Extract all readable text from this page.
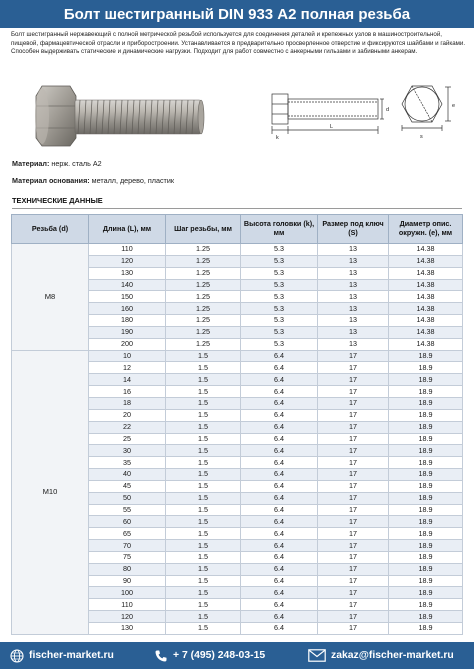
Болт шестигранный DIN 933 А2 полная резьба

Болт шестигранный нержавеющий с полной метрической резьбой используется для соединения деталей и крепежных узлов в машиностроительной, пищевой, фармацевтической отрасли и приборостроении. Устанавливается в предварительно просверленное отверстие и фиксируются шайбами и гайками. Способен выдерживать статические и динамические нагрузки. Подходит для работ совместно с анкерными гильзами и забивными анкерам.

k
L
d
s
e
Материал: нерж. сталь А2
Материал основания: металл, дерево, пластик
ТЕХНИЧЕСКИЕ ДАННЫЕ
Резьба (d)	Длина (L), мм	Шаг резьбы, мм	Высота головки (k), мм	Размер под ключ (S)	Диаметр опис. окружн. (е), мм
M8	110	1.25	5.3	13	14.38
	120	1.25	5.3	13	14.38
	130	1.25	5.3	13	14.38
	140	1.25	5.3	13	14.38
	150	1.25	5.3	13	14.38
	160	1.25	5.3	13	14.38
	180	1.25	5.3	13	14.38
	190	1.25	5.3	13	14.38
	200	1.25	5.3	13	14.38
M10	10	1.5	6.4	17	18.9
	12	1.5	6.4	17	18.9
	14	1.5	6.4	17	18.9
	16	1.5	6.4	17	18.9
	18	1.5	6.4	17	18.9
	20	1.5	6.4	17	18.9
	22	1.5	6.4	17	18.9
	25	1.5	6.4	17	18.9
	30	1.5	6.4	17	18.9
	35	1.5	6.4	17	18.9
	40	1.5	6.4	17	18.9
	45	1.5	6.4	17	18.9
	50	1.5	6.4	17	18.9
	55	1.5	6.4	17	18.9
	60	1.5	6.4	17	18.9
	65	1.5	6.4	17	18.9
	70	1.5	6.4	17	18.9
	75	1.5	6.4	17	18.9
	80	1.5	6.4	17	18.9
	90	1.5	6.4	17	18.9
	100	1.5	6.4	17	18.9
	110	1.5	6.4	17	18.9
	120	1.5	6.4	17	18.9
	130	1.5	6.4	17	18.9
fischer-market.ru	+ 7 (495) 248-03-15	zakaz@fischer-market.ru
